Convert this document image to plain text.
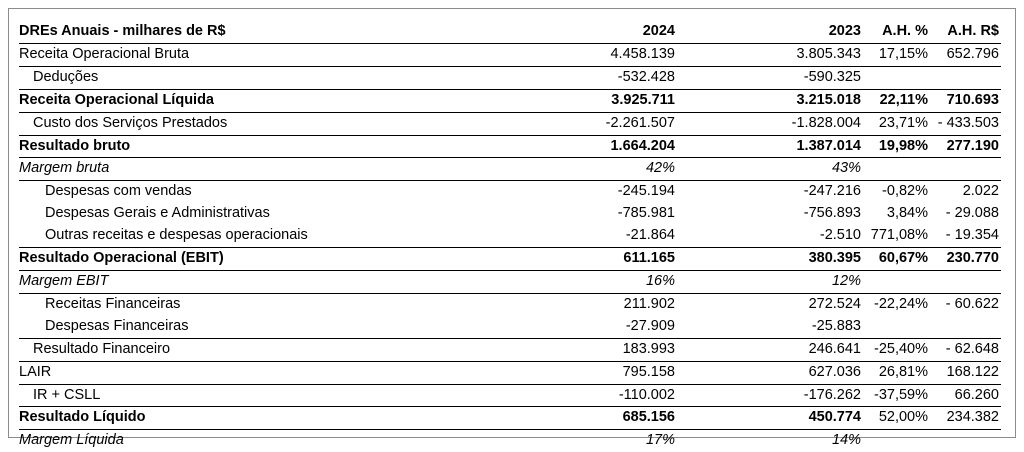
DREs Anuais - milhares de R$	2024	2023	A.H. %	A.H. R$
Receita Operacional Bruta	4.458.139	3.805.343	17,15%	652.796
Deduções	-532.428	-590.325		
Receita Operacional Líquida	3.925.711	3.215.018	22,11%	710.693
Custo dos Serviços Prestados	-2.261.507	-1.828.004	23,71%	- 433.503
Resultado bruto	1.664.204	1.387.014	19,98%	277.190
Margem bruta	42%	43%		
Despesas com vendas	-245.194	-247.216	-0,82%	2.022
Despesas Gerais e Administrativas	-785.981	-756.893	3,84%	- 29.088
Outras receitas e despesas operacionais	-21.864	-2.510	771,08%	- 19.354
Resultado Operacional (EBIT)	611.165	380.395	60,67%	230.770
Margem EBIT	16%	12%		
Receitas Financeiras	211.902	272.524	-22,24%	- 60.622
Despesas Financeiras	-27.909	-25.883		
Resultado Financeiro	183.993	246.641	-25,40%	- 62.648
LAIR	795.158	627.036	26,81%	168.122
IR + CSLL	-110.002	-176.262	-37,59%	66.260
Resultado Líquido	685.156	450.774	52,00%	234.382
Margem Líquida	17%	14%		
